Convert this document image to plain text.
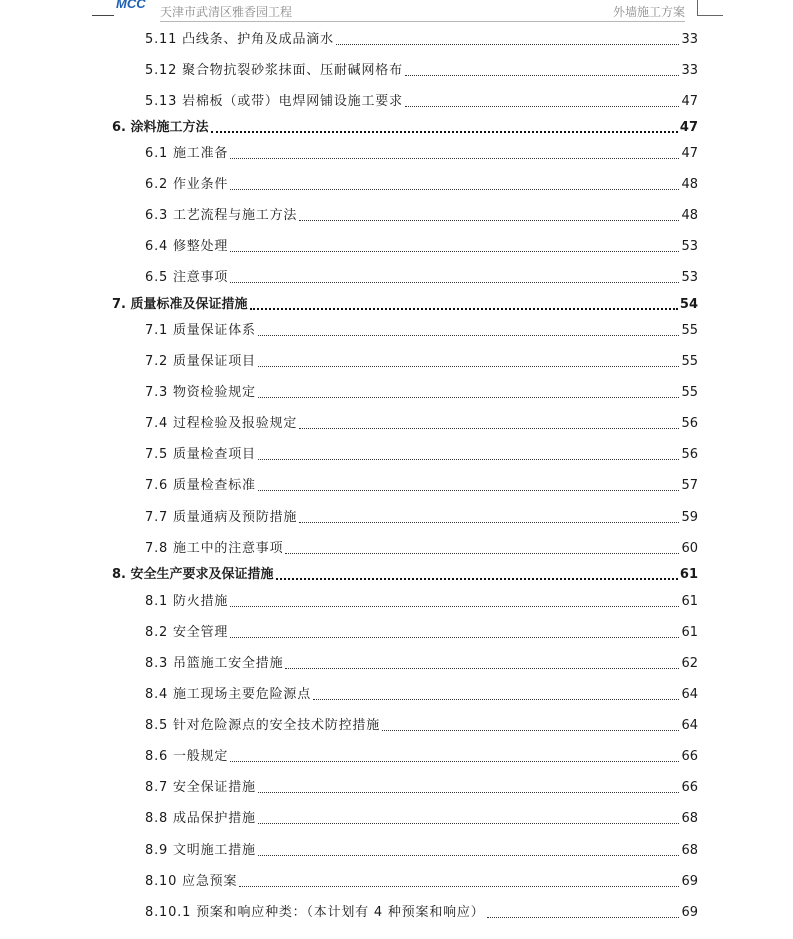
MCC
天津市武清区雅香园工程	外墙施工方案
5.11 凸线条、护角及成品滴水	33
5.12 聚合物抗裂砂浆抹面、压耐碱网格布	33
5.13 岩棉板（或带）电焊网铺设施工要求	47
6. 涂料施工方法	47
6.1 施工准备	47
6.2 作业条件	48
6.3 工艺流程与施工方法	48
6.4 修整处理	53
6.5 注意事项	53
7. 质量标准及保证措施	54
7.1 质量保证体系	55
7.2 质量保证项目	55
7.3 物资检验规定	55
7.4 过程检验及报验规定	56
7.5 质量检查项目	56
7.6 质量检查标准	57
7.7 质量通病及预防措施	59
7.8 施工中的注意事项	60
8. 安全生产要求及保证措施	61
8.1 防火措施	61
8.2 安全管理	61
8.3 吊篮施工安全措施	62
8.4 施工现场主要危险源点	64
8.5 针对危险源点的安全技术防控措施	64
8.6 一般规定	66
8.7 安全保证措施	66
8.8 成品保护措施	68
8.9 文明施工措施	68
8.10 应急预案	69
8.10.1 预案和响应种类：（本计划有 4 种预案和响应）	69
